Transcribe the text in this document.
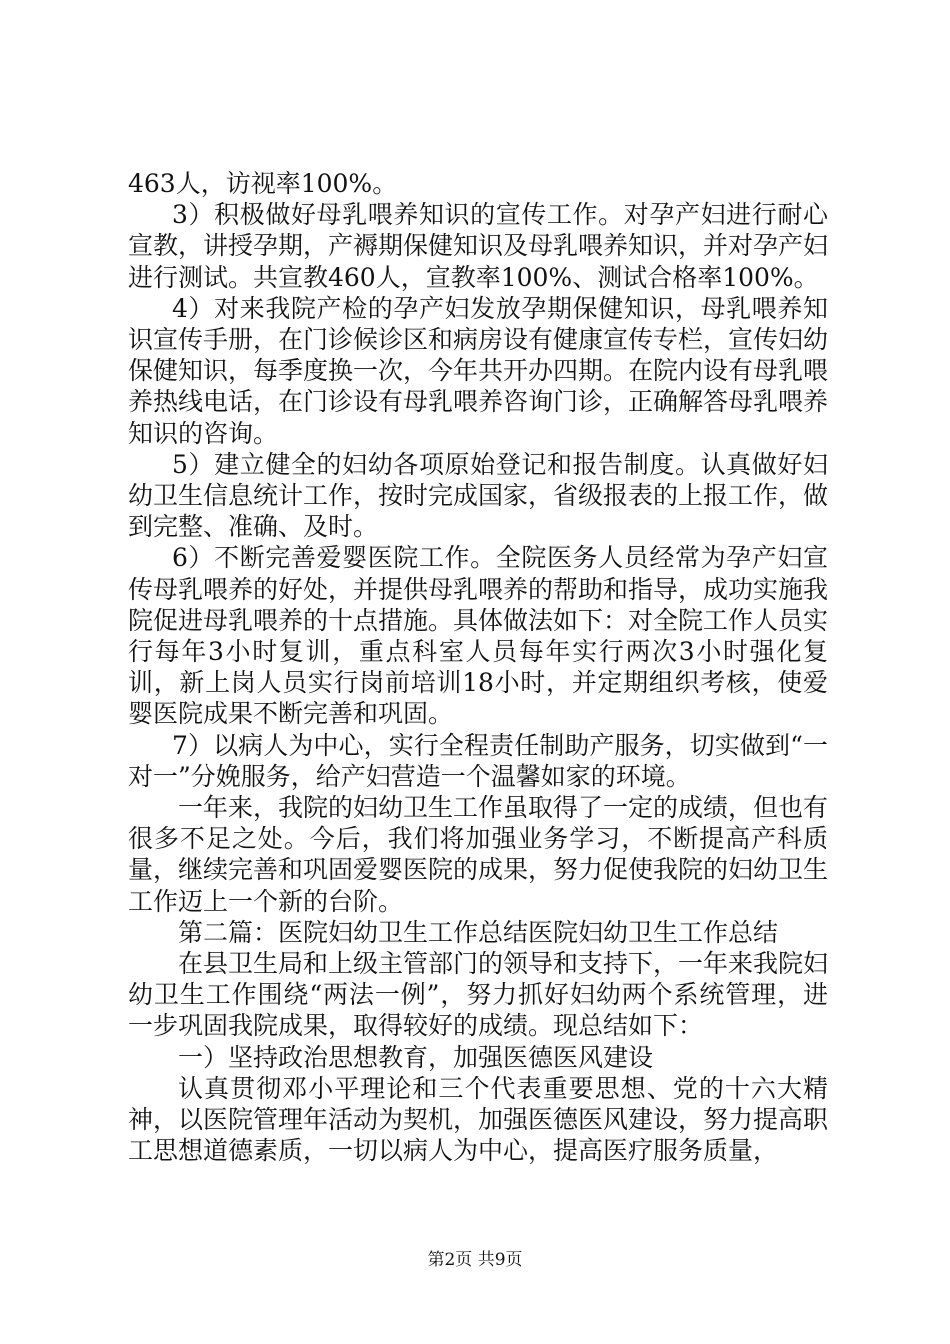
463人，访视率100%。

3）积极做好母乳喂养知识的宣传工作。对孕产妇进行耐心宣教，讲授孕期，产褥期保健知识及母乳喂养知识，并对孕产妇进行测试。共宣教460人，宣教率100%、测试合格率100%。

4）对来我院产检的孕产妇发放孕期保健知识，母乳喂养知识宣传手册，在门诊候诊区和病房设有健康宣传专栏，宣传妇幼保健知识，每季度换一次，今年共开办四期。在院内设有母乳喂养热线电话，在门诊设有母乳喂养咨询门诊，正确解答母乳喂养知识的咨询。

5）建立健全的妇幼各项原始登记和报告制度。认真做好妇幼卫生信息统计工作，按时完成国家，省级报表的上报工作，做到完整、准确、及时。

6）不断完善爱婴医院工作。全院医务人员经常为孕产妇宣传母乳喂养的好处，并提供母乳喂养的帮助和指导，成功实施我院促进母乳喂养的十点措施。具体做法如下：对全院工作人员实行每年3小时复训，重点科室人员每年实行两次3小时强化复训，新上岗人员实行岗前培训18小时，并定期组织考核，使爱婴医院成果不断完善和巩固。

7）以病人为中心，实行全程责任制助产服务，切实做到“一对一”分娩服务，给产妇营造一个温馨如家的环境。

一年来，我院的妇幼卫生工作虽取得了一定的成绩，但也有很多不足之处。今后，我们将加强业务学习，不断提高产科质量，继续完善和巩固爱婴医院的成果，努力促使我院的妇幼卫生工作迈上一个新的台阶。

第二篇：医院妇幼卫生工作总结医院妇幼卫生工作总结

在县卫生局和上级主管部门的领导和支持下，一年来我院妇幼卫生工作围绕“两法一例”，努力抓好妇幼两个系统管理，进一步巩固我院成果，取得较好的成绩。现总结如下：

一）坚持政治思想教育，加强医德医风建设

认真贯彻邓小平理论和三个代表重要思想、党的十六大精神，以医院管理年活动为契机，加强医德医风建设，努力提高职工思想道德素质，一切以病人为中心，提高医疗服务质量，

第2页 共9页
